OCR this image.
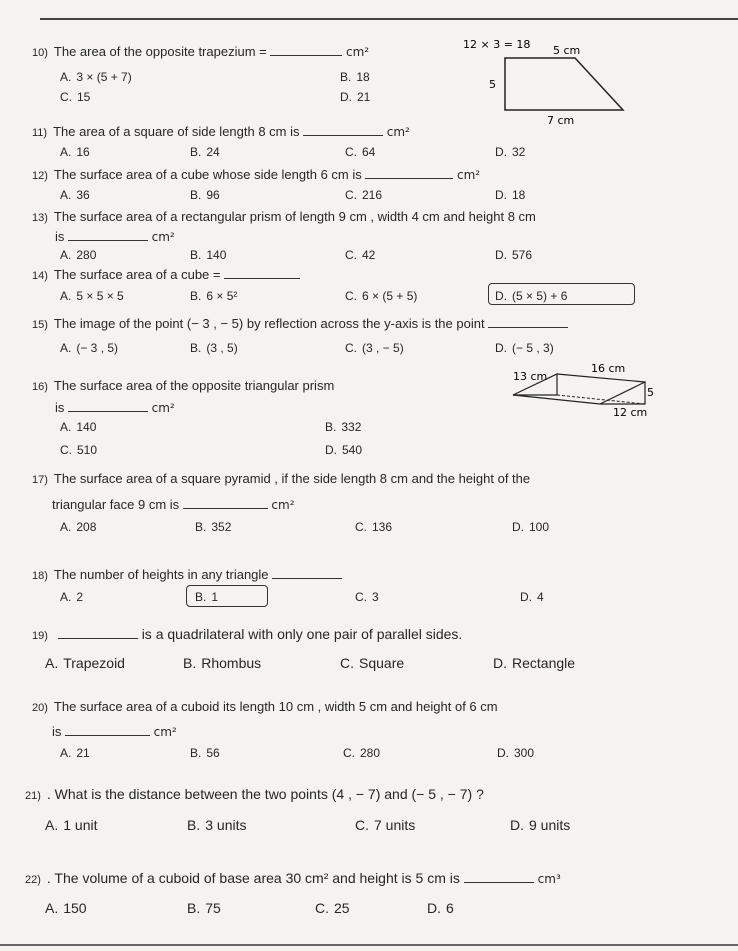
10) The area of the opposite trapezium =	cm²
A. 3 × (5 + 7)	B. 18
C. 15	D. 21
5 cm
5
7 cm
12 × 3 = 18
11) The area of a square of side length 8 cm is	cm²
A. 16	B. 24	C. 64	D. 32
12) The surface area of a cube whose side length 6 cm is	cm²
A. 36	B. 96	C. 216	D. 18
13) The surface area of a rectangular prism of length 9 cm , width 4 cm and height 8 cm
is	cm²
A. 280	B. 140	C. 42	D. 576
14) The surface area of a cube =
A. 5 × 5 × 5	B. 6 × 5²	C. 6 × (5 + 5)	D. (5 × 5) + 6
15) The image of the point (− 3 , − 5) by reflection across the y-axis is the point
A. (− 3 , 5)	B. (3 , 5)	C. (3 , − 5)	D. (− 5 , 3)
16) The surface area of the opposite triangular prism
is	cm²
A. 140	B. 332
C. 510	D. 540
16 cm
13 cm
5
12 cm
17) The surface area of a square pyramid , if the side length 8 cm and the height of the
triangular face 9 cm is	cm²
A. 208	B. 352	C. 136	D. 100
18) The number of heights in any triangle
A. 2	B. 1	C. 3	D. 4
19)	is a quadrilateral with only one pair of parallel sides.
A. Trapezoid	B. Rhombus	C. Square	D. Rectangle
20) The surface area of a cuboid its length 10 cm , width 5 cm and height of 6 cm
is	cm²
A. 21	B. 56	C. 280	D. 300
21) . What is the distance between the two points (4 , − 7) and (− 5 , − 7) ?
A. 1 unit	B. 3 units	C. 7 units	D. 9 units
22) . The volume of a cuboid of base area 30 cm² and height is 5 cm is	cm³
A. 150	B. 75	C. 25	D. 6
